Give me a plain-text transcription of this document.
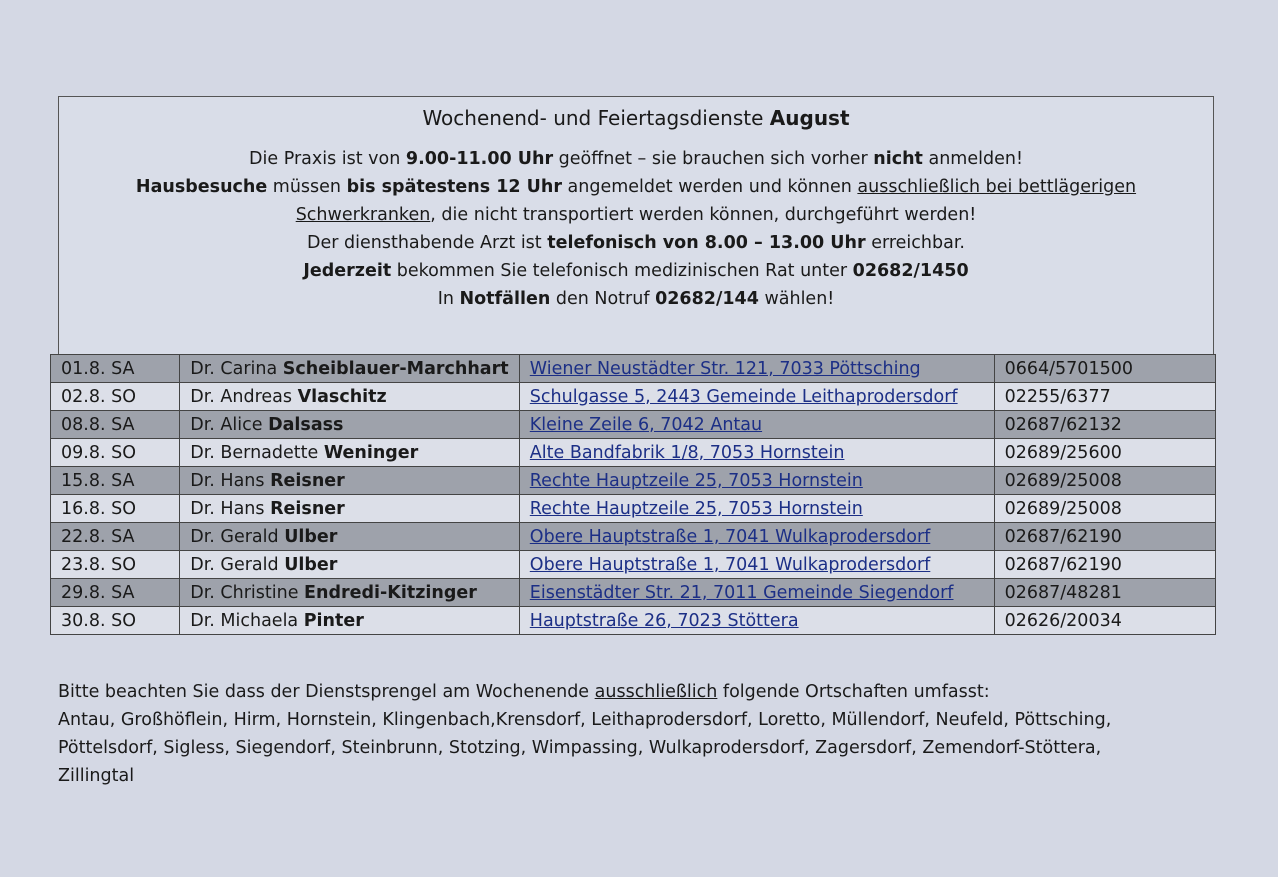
Wochenend- und Feiertagsdienste August

Die Praxis ist von 9.00-11.00 Uhr geöffnet – sie brauchen sich vorher nicht anmelden!

Hausbesuche müssen bis spätestens 12 Uhr angemeldet werden und können ausschließlich bei bettlägerigen

Schwerkranken, die nicht transportiert werden können, durchgeführt werden!

Der diensthabende Arzt ist telefonisch von 8.00 – 13.00 Uhr erreichbar.

Jederzeit bekommen Sie telefonisch medizinischen Rat unter 02682/1450

In Notfällen den Notruf 02682/144 wählen!

01.8. SA	Dr. Carina Scheiblauer-Marchhart	Wiener Neustädter Str. 121, 7033 Pöttsching	0664/5701500
02.8. SO	Dr. Andreas Vlaschitz	Schulgasse 5, 2443 Gemeinde Leithaprodersdorf	02255/6377
08.8. SA	Dr. Alice Dalsass	Kleine Zeile 6, 7042 Antau	02687/62132
09.8. SO	Dr. Bernadette Weninger	Alte Bandfabrik 1/8, 7053 Hornstein	02689/25600
15.8. SA	Dr. Hans Reisner	Rechte Hauptzeile 25, 7053 Hornstein	02689/25008
16.8. SO	Dr. Hans Reisner	Rechte Hauptzeile 25, 7053 Hornstein	02689/25008
22.8. SA	Dr. Gerald Ulber	Obere Hauptstraße 1, 7041 Wulkaprodersdorf	02687/62190
23.8. SO	Dr. Gerald Ulber	Obere Hauptstraße 1, 7041 Wulkaprodersdorf	02687/62190
29.8. SA	Dr. Christine Endredi-Kitzinger	Eisenstädter Str. 21, 7011 Gemeinde Siegendorf	02687/48281
30.8. SO	Dr. Michaela Pinter	Hauptstraße 26, 7023 Stöttera	02626/20034

Bitte beachten Sie dass der Dienstsprengel am Wochenende ausschließlich folgende Ortschaften umfasst:

Antau, Großhöflein, Hirm, Hornstein, Klingenbach,Krensdorf, Leithaprodersdorf, Loretto, Müllendorf, Neufeld, Pöttsching,

Pöttelsdorf, Sigless, Siegendorf, Steinbrunn, Stotzing, Wimpassing, Wulkaprodersdorf, Zagersdorf, Zemendorf-Stöttera,

Zillingtal
